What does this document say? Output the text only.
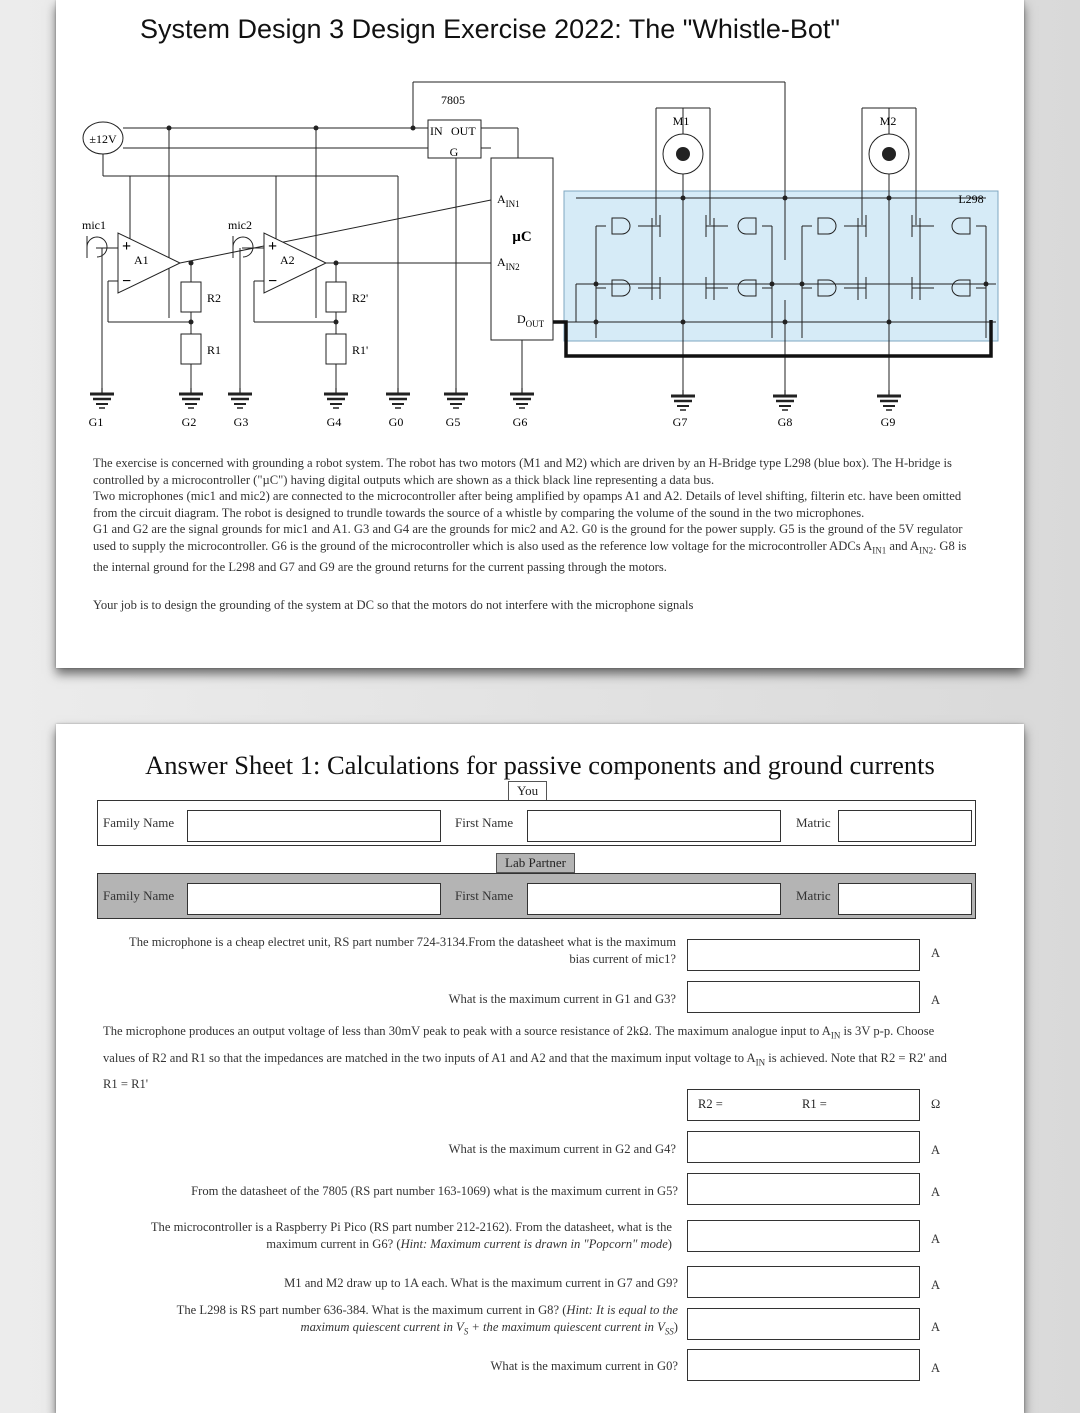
System Design 3 Design Exercise 2022: The "Whistle-Bot"
±12V
7805
IN OUT
G
µC
$A_{IN1}$
$A_{IN2}$
$D_{OUT}$
M1	M2
L298
mic1	mic2
A1	A2
+
−
+
−
R2
R1
R2'
R1'
G1	G2	G3	G4	G0	G5	G6	G7	G8	G9

The exercise is concerned with grounding a robot system. The robot has two motors (M1 and M2) which are driven by an H-Bridge type L298 (blue box). The H-bridge is controlled by a microcontroller ("µC") having digital outputs which are shown as a thick black line representing a data bus.

Two microphones (mic1 and mic2) are connected to the microcontroller after being amplified by opamps A1 and A2. Details of level shifting, filterin etc. have been omitted from the circuit diagram. The robot is designed to trundle towards the source of a whistle by comparing the volume of the sound in the two microphones.

G1 and G2 are the signal grounds for mic1 and A1. G3 and G4 are the grounds for mic2 and A2. G0 is the ground for the power supply. G5 is the ground of the 5V regulator used to supply the microcontroller. G6 is the ground of the microcontroller which is also used as the reference low voltage for the microcontroller ADCs $A_{IN1}$ and $A_{IN2}$. G8 is the internal ground for the L298 and G7 and G9 are the ground returns for the current passing through the motors.

Your job is to design the grounding of the system at DC so that the motors do not interfere with the microphone signals

Answer Sheet 1: Calculations for passive components and ground currents
You
Family Name	First Name	Matric
Lab Partner
Family Name	First Name	Matric
The microphone is a cheap electret unit, RS part number 724-3134.From the datasheet what is the maximum bias current of mic1?	A
What is the maximum current in G1 and G3?	A
The microphone produces an output voltage of less than 30mV peak to peak with a source resistance of 2kΩ. The maximum analogue input to $A_{IN}$ is 3V p-p. Choose values of R2 and R1 so that the impedances are matched in the two inputs of A1 and A2 and that the maximum input voltage to $A_{IN}$ is achieved. Note that R2 = R2' and R1 = R1'
R2 =	R1 =	Ω
What is the maximum current in G2 and G4?	A
From the datasheet of the 7805 (RS part number 163-1069) what is the maximum current in G5?	A
The microcontroller is a Raspberry Pi Pico (RS part number 212-2162). From the datasheet, what is the
maximum current in G6? (Hint: Maximum current is drawn in "Popcorn" mode)	A
M1 and M2 draw up to 1A each. What is the maximum current in G7 and G9?	A
The L298 is RS part number 636-384. What is the maximum current in G8? (Hint: It is equal to the
maximum quiescent current in $V_S$ + the maximum quiescent current in $V_{SS}$)	A
What is the maximum current in G0?	A
